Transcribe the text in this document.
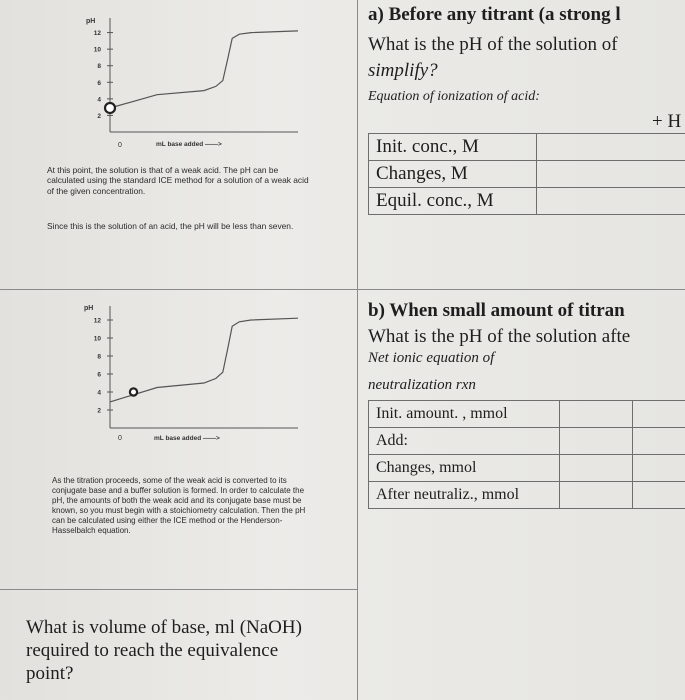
pH
12
10
8
6
4
2
0	mL base added ——>
At this point, the solution is that of a weak acid. The pH can be calculated using the standard ICE method for a solution of a weak acid of the given concentration.
Since this is the solution of an acid, the pH will be less than seven.
pH
12
10
8
6
4
2
0	mL base added ——>
As the titration proceeds, some of the weak acid is converted to its conjugate base and a buffer solution is formed. In order to calculate the pH, the amounts of both the weak acid and its conjugate base must be known, so you must begin with a stoichiometry calculation. Then the pH can be calculated using either the ICE method or the Henderson-Hasselbalch equation.
What is volume of base, ml (NaOH) required to reach the equivalence point?
a) Before any titrant (a strong l
What is the pH of the solution of
simplify?
Equation of ionization of acid:
+ H
Init. conc., M	
Changes, M	
Equil. conc., M	
b) When small amount of titran
What is the pH of the solution afte
Net ionic equation of
neutralization rxn
Init. amount. , mmol		
Add:		
Changes, mmol		
After neutraliz., mmol		
